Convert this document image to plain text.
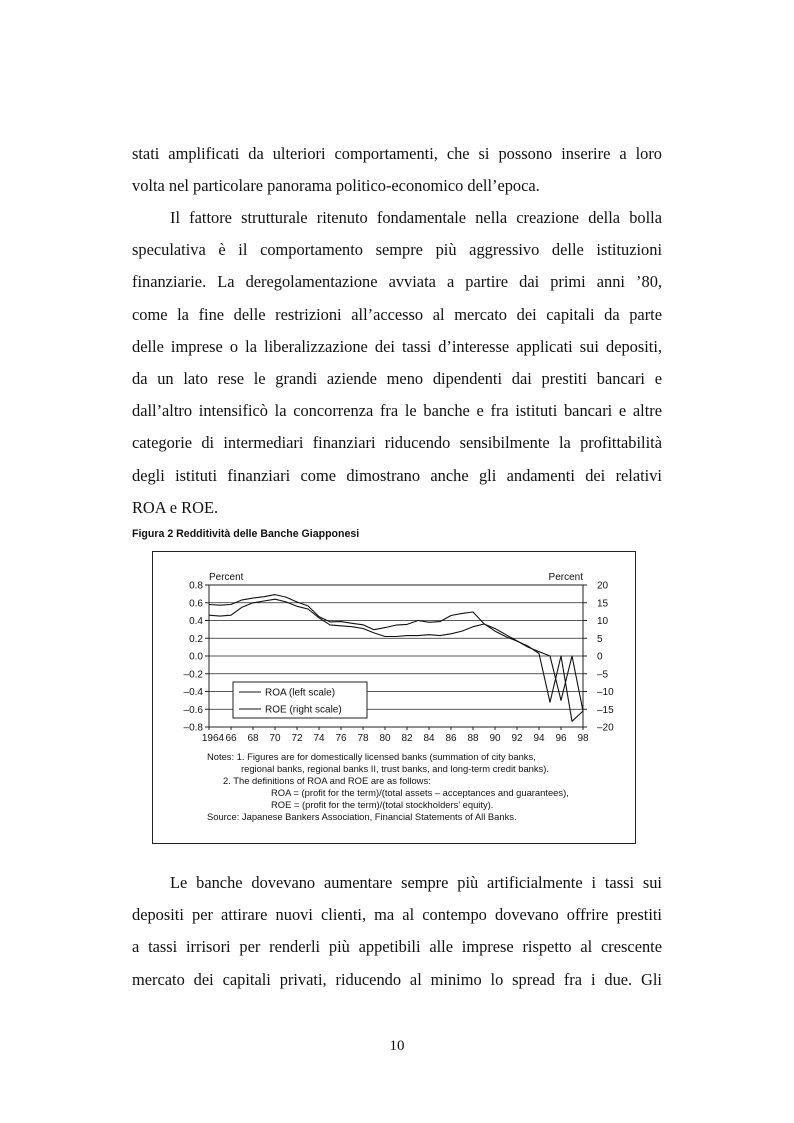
stati amplificati da ulteriori comportamenti, che si possono inserire a loro
volta nel particolare panorama politico-economico dell’epoca.
Il fattore strutturale ritenuto fondamentale nella creazione della bolla
speculativa è il comportamento sempre più aggressivo delle istituzioni
finanziarie. La deregolamentazione avviata a partire dai primi anni ’80,
come la fine delle restrizioni all’accesso al mercato dei capitali da parte
delle imprese o la liberalizzazione dei tassi d’interesse applicati sui depositi,
da un lato rese le grandi aziende meno dipendenti dai prestiti bancari e
dall’altro intensificò la concorrenza fra le banche e fra istituti bancari e altre
categorie di intermediari finanziari riducendo sensibilmente la profittabilità
degli istituti finanziari come dimostrano anche gli andamenti dei relativi
ROA e ROE.
Figura 2 Redditività delle Banche Giapponesi
0.8
0.6
0.4
0.2
0.0
–0.2
–0.4
–0.6
–0.8
20
15
10
5
0
–5
–10
–15
–20
Percent	Percent
1964 66 68 70 72 74 76 78 80 82 84 86 88 90 92 94 96 98
ROA (left scale)
ROE (right scale)
Notes: 1. Figures are for domestically licensed banks (summation of city banks,
regional banks, regional banks II, trust banks, and long-term credit banks).
2. The definitions of ROA and ROE are as follows:
ROA = (profit for the term)/(total assets – acceptances and guarantees),
ROE = (profit for the term)/(total stockholders’ equity).
Source: Japanese Bankers Association, Financial Statements of All Banks.
Le banche dovevano aumentare sempre più artificialmente i tassi sui
depositi per attirare nuovi clienti, ma al contempo dovevano offrire prestiti
a tassi irrisori per renderli più appetibili alle imprese rispetto al crescente
mercato dei capitali privati, riducendo al minimo lo spread fra i due. Gli
10
